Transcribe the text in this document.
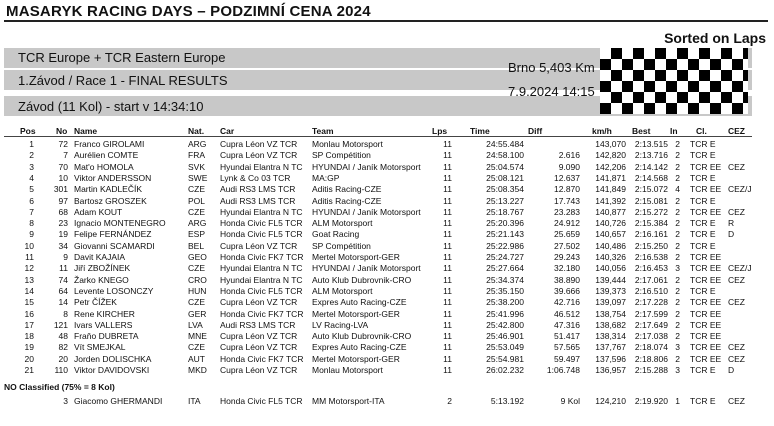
MASARYK RACING DAYS – PODZIMNÍ CENA 2024
Sorted on Laps
TCR Europe + TCR Eastern Europe
1.Závod / Race 1 - FINAL RESULTS
Závod (11 Kol) - start v 14:34:10
Brno 5,403 Km
7.9.2024 14:15
Pos No Name	Nat. Car	Team	Lps	Time	Diff	km/h Best In Cl. CEZ
1	72 Franco GIROLAMI	ARG	Cupra Léon VZ TCR	Monlau Motorsport	11	24:55.484	143,070	2:13.515 2 TCR E
2	7 Aurélien COMTE	FRA	Cupra Léon VZ TCR	SP Compétition	11	24:58.100	2.616	142,820	2:13.716 2 TCR E
3	70 Mat'o HOMOLA	SVK	Hyundai Elantra N TC	HYUNDAI / Janík Motorsport	11	25:04.574	9.090	142,206	2:14.142 2 TCR EE CEZ
4	10 Viktor ANDERSSON	SWE	Lynk & Co 03 TCR	MA:GP	11	25:08.121	12.637	141,871	2:14.568 2 TCR E
5	301 Martin KADLEČÍK	CZE	Audi RS3 LMS TCR	Aditis Racing-CZE	11	25:08.354	12.870	141,849	2:15.072 4 TCR EE CEZ/J
6	97 Bartosz GROSZEK	POL	Audi RS3 LMS TCR	Aditis Racing-CZE	11	25:13.227	17.743	141,392	2:15.081 2 TCR E
7	68 Adam KOUT	CZE	Hyundai Elantra N TC	HYUNDAI / Janík Motorsport	11	25:18.767	23.283	140,877	2:15.272 2 TCR EE CEZ
8	23 Ignacio MONTENEGRO	ARG	Honda Civic FL5 TCR	ALM Motorsport	11	25:20.396	24.912	140,726	2:15.384 2 TCR E	R
9	19 Felipe FERNÁNDEZ	ESP	Honda Civic FL5 TCR	Goat Racing	11	25:21.143	25.659	140,657	2:16.161 2 TCR E	D
10	34 Giovanni SCAMARDI	BEL	Cupra Léon VZ TCR	SP Compétition	11	25:22.986	27.502	140,486	2:15.250 2 TCR E
11	9 Davit KAJAIA	GEO	Honda Civic FK7 TCR	Mertel Motorsport-GER	11	25:24.727	29.243	140,326	2:16.538 2 TCR EE
12	11 Jiří ZBOŽÍNEK	CZE	Hyundai Elantra N TC	HYUNDAI / Janík Motorsport	11	25:27.664	32.180	140,056	2:16.453 3 TCR EE CEZ/J
13	74 Žarko KNEGO	CRO	Hyundai Elantra N TC	Auto Klub Dubrovnik-CRO	11	25:34.374	38.890	139,444	2:17.061 2 TCR EE CEZ
14	64 Levente LOSONCZY	HUN	Honda Civic FL5 TCR	ALM Motorsport	11	25:35.150	39.666	139,373	2:16.510 2 TCR E
15	14 Petr ČÍŽEK	CZE	Cupra Léon VZ TCR	Expres Auto Racing-CZE	11	25:38.200	42.716	139,097	2:17.228 2 TCR EE CEZ
16	8 Rene KIRCHER	GER	Honda Civic FK7 TCR	Mertel Motorsport-GER	11	25:41.996	46.512	138,754	2:17.599 2 TCR EE
17	121 Ivars VALLERS	LVA	Audi RS3 LMS TCR	LV Racing-LVA	11	25:42.800	47.316	138,682	2:17.649 2 TCR EE
18	48 Fraňo DUBRETA	MNE	Cupra Léon VZ TCR	Auto Klub Dubrovnik-CRO	11	25:46.901	51.417	138,314	2:17.038 2 TCR EE
19	82 Vít SMEJKAL	CZE	Cupra Léon VZ TCR	Expres Auto Racing-CZE	11	25:53.049	57.565	137,767	2:18.074 3 TCR EE CEZ
20	20 Jorden DOLISCHKA	AUT	Honda Civic FK7 TCR	Mertel Motorsport-GER	11	25:54.981	59.497	137,596	2:18.806 2 TCR EE CEZ
21	110 Viktor DAVIDOVSKI	MKD	Cupra Léon VZ TCR	Monlau Motorsport	11	26:02.232	1:06.748	136,957	2:15.288 3 TCR E	D
NO Classified (75% = 8 Kol)
3 Giacomo GHERMANDI	ITA	Honda Civic FL5 TCR	MM Motorsport-ITA	2	5:13.192	9 Kol	124,210	2:19.920 1 TCR E	CEZ
